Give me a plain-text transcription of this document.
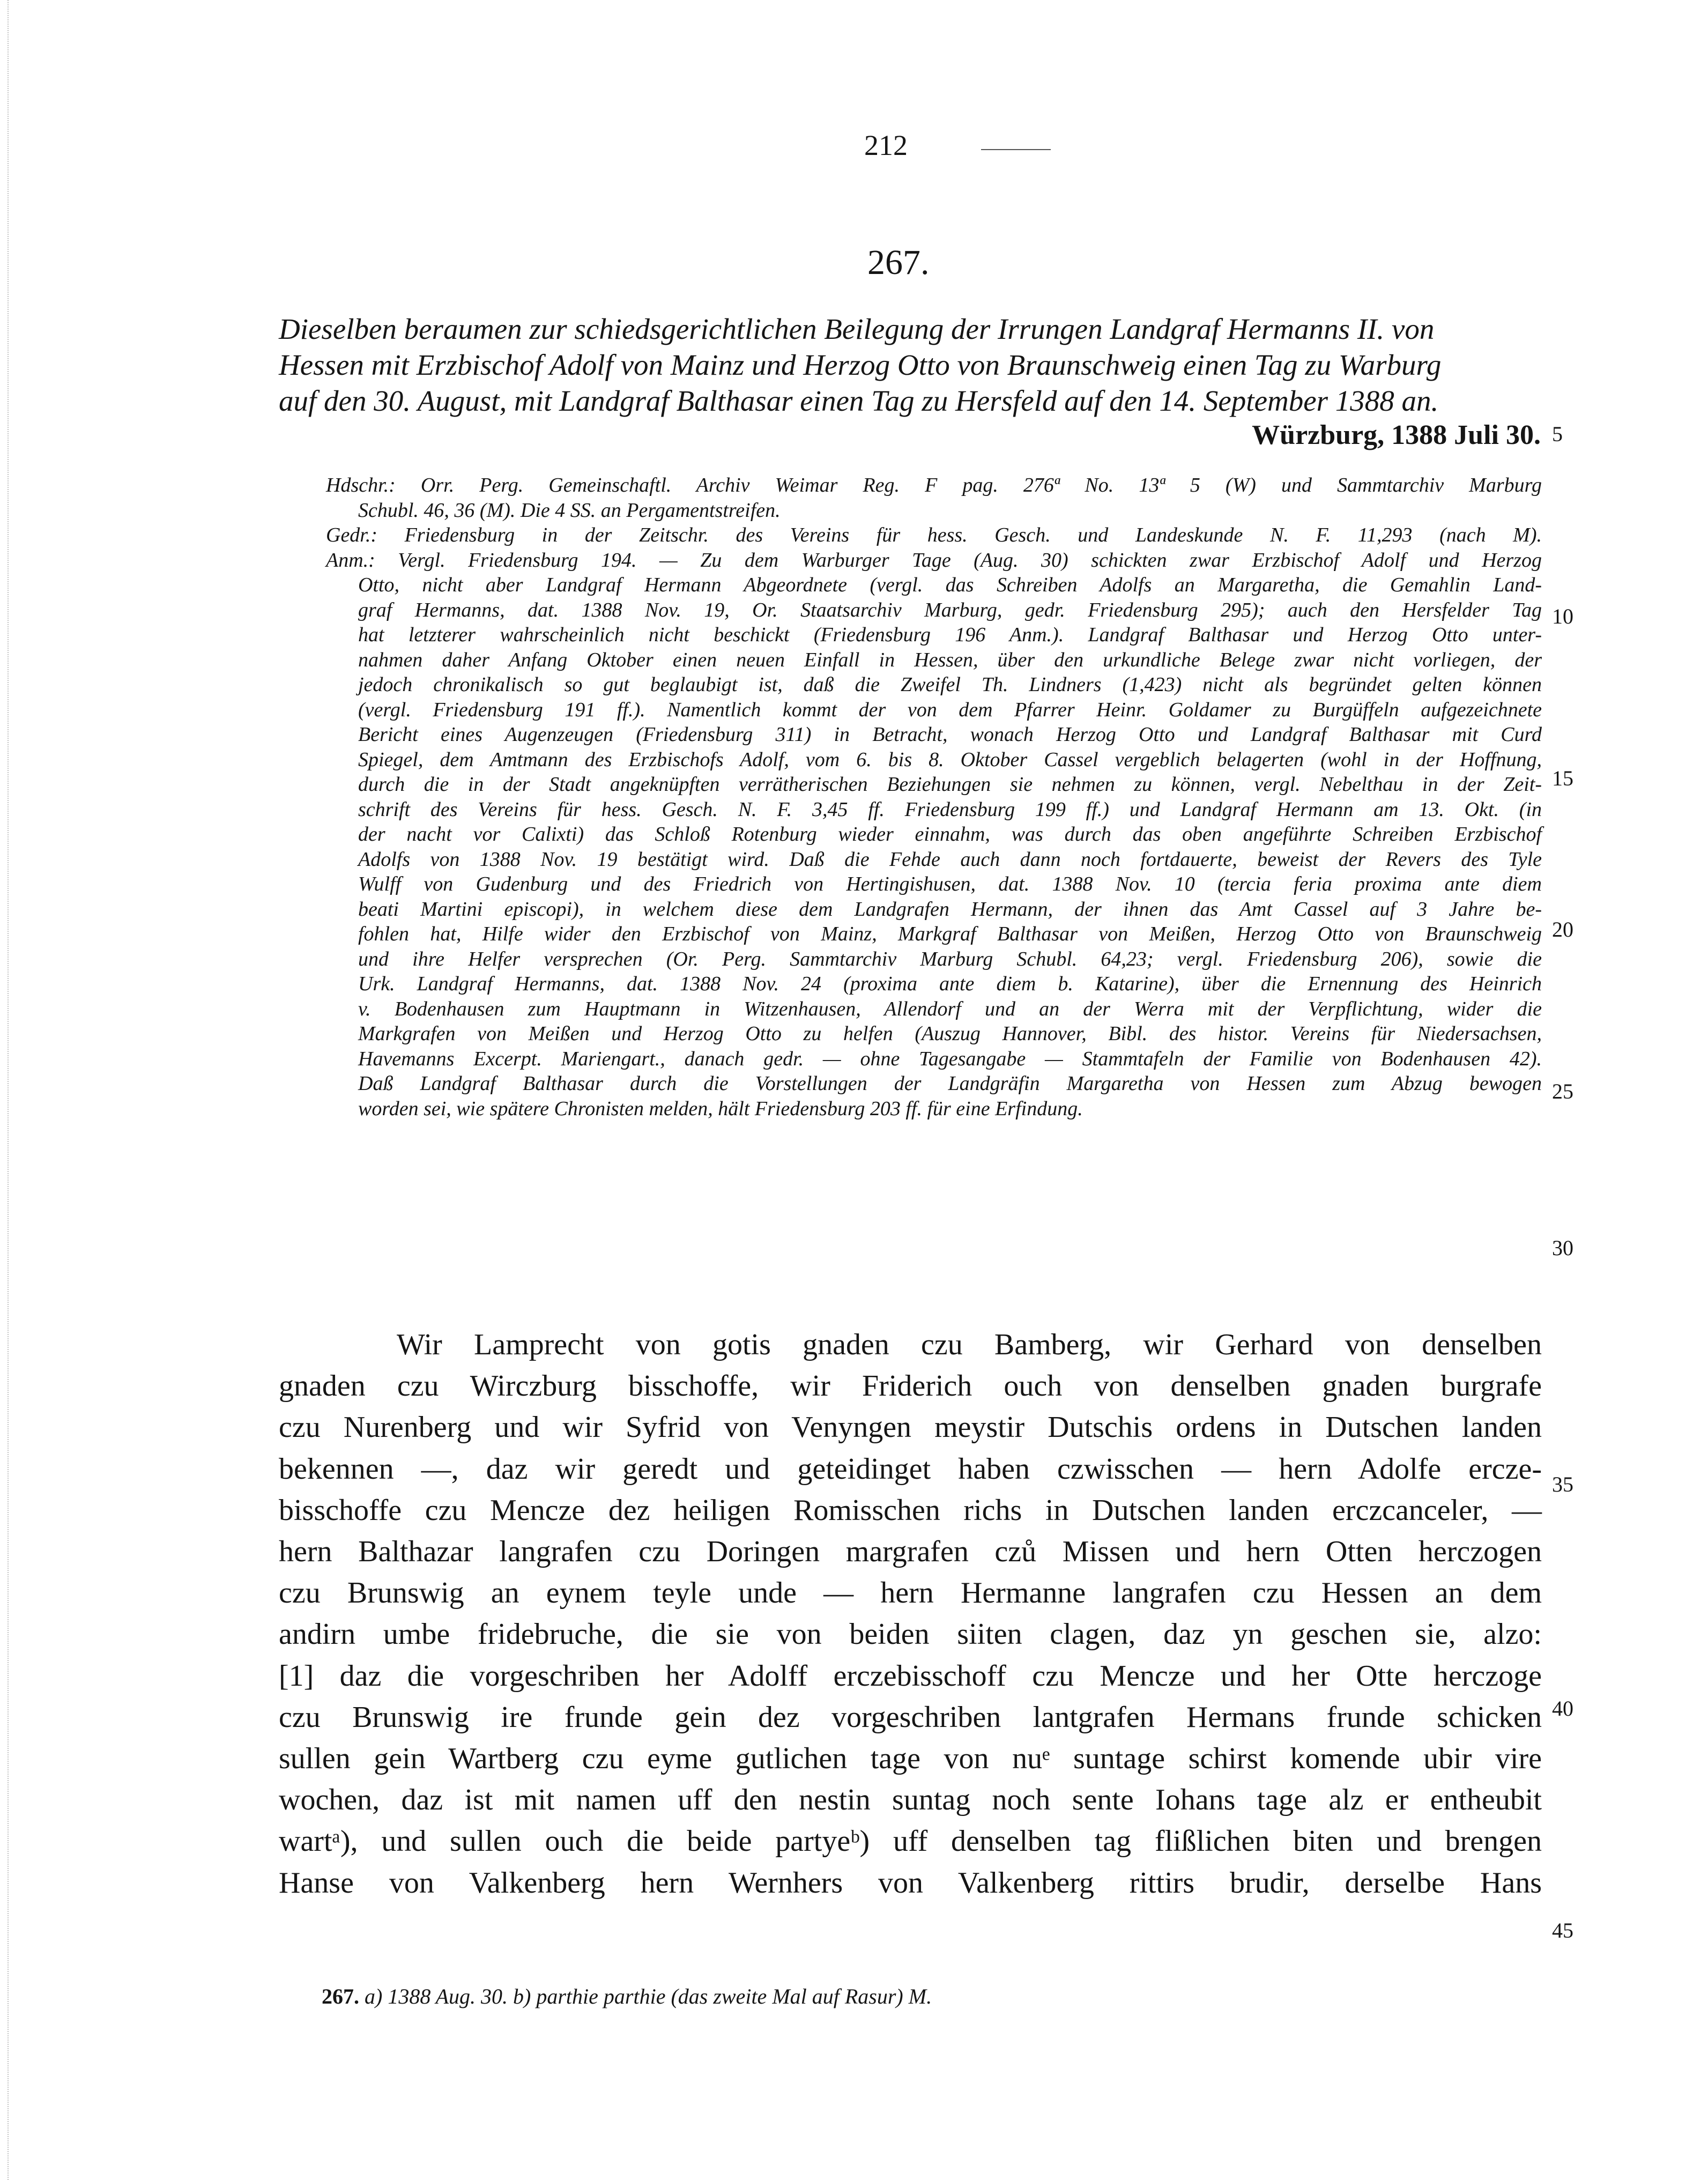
212
267.
Dieselben beraumen zur schiedsgerichtlichen Beilegung der Irrungen Landgraf Hermanns II. von
Hessen mit Erzbischof Adolf von Mainz und Herzog Otto von Braunschweig einen Tag zu Warburg
auf den 30. August, mit Landgraf Balthasar einen Tag zu Hersfeld auf den 14. September 1388 an.
Würzburg, 1388 Juli 30. 5
Hdschr.: Orr. Perg. Gemeinschaftl. Archiv Weimar Reg. F pag. 276ª No. 13ª 5 (W) und Sammtarchiv Marburg
Schubl. 46, 36 (M). Die 4 SS. an Pergamentstreifen.
Gedr.: Friedensburg in der Zeitschr. des Vereins für hess. Gesch. und Landeskunde N. F. 11,293 (nach M).
Anm.: Vergl. Friedensburg 194. — Zu dem Warburger Tage (Aug. 30) schickten zwar Erzbischof Adolf und Herzog
Otto, nicht aber Landgraf Hermann Abgeordnete (vergl. das Schreiben Adolfs an Margaretha, die Gemahlin Land-
graf Hermanns, dat. 1388 Nov. 19, Or. Staatsarchiv Marburg, gedr. Friedensburg 295); auch den Hersfelder Tag
hat letzterer wahrscheinlich nicht beschickt (Friedensburg 196 Anm.). Landgraf Balthasar und Herzog Otto unter-
nahmen daher Anfang Oktober einen neuen Einfall in Hessen, über den urkundliche Belege zwar nicht vorliegen, der
jedoch chronikalisch so gut beglaubigt ist, daß die Zweifel Th. Lindners (1,423) nicht als begründet gelten können
(vergl. Friedensburg 191 ff.). Namentlich kommt der von dem Pfarrer Heinr. Goldamer zu Burgüffeln aufgezeichnete
Bericht eines Augenzeugen (Friedensburg 311) in Betracht, wonach Herzog Otto und Landgraf Balthasar mit Curd
Spiegel, dem Amtmann des Erzbischofs Adolf, vom 6. bis 8. Oktober Cassel vergeblich belagerten (wohl in der Hoffnung,
durch die in der Stadt angeknüpften verrätherischen Beziehungen sie nehmen zu können, vergl. Nebelthau in der Zeit-
schrift des Vereins für hess. Gesch. N. F. 3,45 ff. Friedensburg 199 ff.) und Landgraf Hermann am 13. Okt. (in
der nacht vor Calixti) das Schloß Rotenburg wieder einnahm, was durch das oben angeführte Schreiben Erzbischof
Adolfs von 1388 Nov. 19 bestätigt wird. Daß die Fehde auch dann noch fortdauerte, beweist der Revers des Tyle
Wulff von Gudenburg und des Friedrich von Hertingishusen, dat. 1388 Nov. 10 (tercia feria proxima ante diem
beati Martini episcopi), in welchem diese dem Landgrafen Hermann, der ihnen das Amt Cassel auf 3 Jahre be-
fohlen hat, Hilfe wider den Erzbischof von Mainz, Markgraf Balthasar von Meißen, Herzog Otto von Braunschweig
und ihre Helfer versprechen (Or. Perg. Sammtarchiv Marburg Schubl. 64,23; vergl. Friedensburg 206), sowie die
Urk. Landgraf Hermanns, dat. 1388 Nov. 24 (proxima ante diem b. Katarine), über die Ernennung des Heinrich
v. Bodenhausen zum Hauptmann in Witzenhausen, Allendorf und an der Werra mit der Verpflichtung, wider die
Markgrafen von Meißen und Herzog Otto zu helfen (Auszug Hannover, Bibl. des histor. Vereins für Niedersachsen,
Havemanns Excerpt. Mariengart., danach gedr. — ohne Tagesangabe — Stammtafeln der Familie von Bodenhausen 42).
Daß Landgraf Balthasar durch die Vorstellungen der Landgräfin Margaretha von Hessen zum Abzug bewogen
worden sei, wie spätere Chronisten melden, hält Friedensburg 203 ff. für eine Erfindung.
10
15
20
25
30
Wir Lamprecht von gotis gnaden czu Bamberg, wir Gerhard von denselben
gnaden czu Wirczburg bisschoffe, wir Friderich ouch von denselben gnaden burgrafe
czu Nurenberg und wir Syfrid von Venyngen meystir Dutschis ordens in Dutschen landen
bekennen —, daz wir geredt und geteidinget haben czwisschen — hern Adolfe ercze-
bisschoffe czu Mencze dez heiligen Romisschen richs in Dutschen landen erczcanceler, —
hern Balthazar langrafen czu Doringen margrafen czů Missen und hern Otten herczogen
czu Brunswig an eynem teyle unde — hern Hermanne langrafen czu Hessen an dem
andirn umbe fridebruche, die sie von beiden siiten clagen, daz yn geschen sie, alzo:
[1] daz die vorgeschriben her Adolff erczebisschoff czu Mencze und her Otte herczoge
czu Brunswig ire frunde gein dez vorgeschriben lantgrafen Hermans frunde schicken
sullen gein Wartberg czu eyme gutlichen tage von nuᵉ suntage schirst komende ubir vire
wochen, daz ist mit namen uff den nestin suntag noch sente Iohans tage alz er entheubit
wartᵃ), und sullen ouch die beide partyeᵇ) uff denselben tag flißlichen biten und brengen
Hanse von Valkenberg hern Wernhers von Valkenberg rittirs brudir, derselbe Hans
35
40
45
267. a) 1388 Aug. 30. b) parthie parthie (das zweite Mal auf Rasur) M.
